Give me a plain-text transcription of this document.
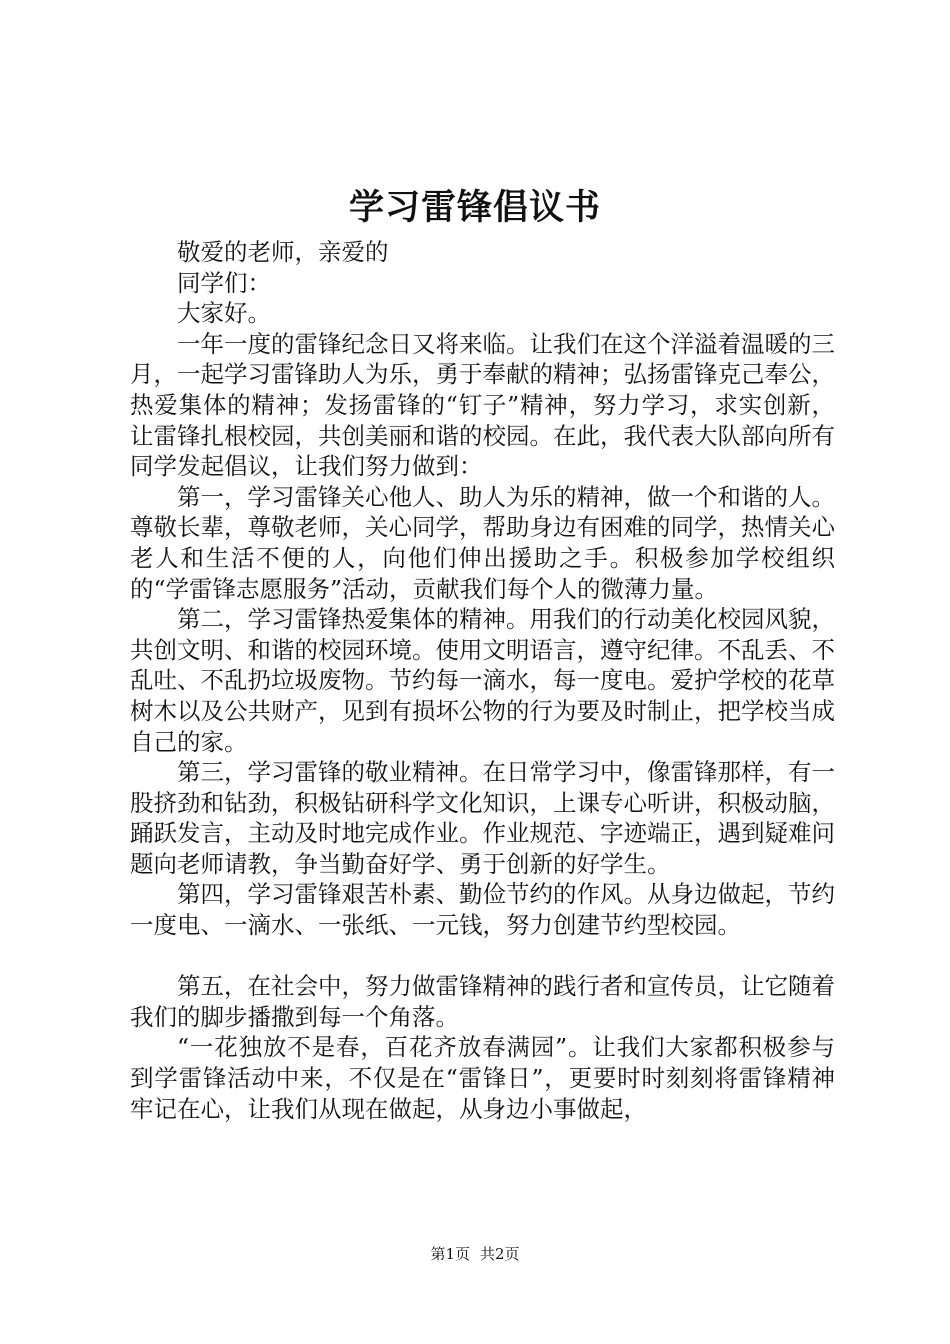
学习雷锋倡议书

敬爱的老师，亲爱的

同学们：

大家好。

一年一度的雷锋纪念日又将来临。让我们在这个洋溢着温暖的三月，一起学习雷锋助人为乐，勇于奉献的精神；弘扬雷锋克己奉公，热爱集体的精神；发扬雷锋的“钉子”精神，努力学习，求实创新，让雷锋扎根校园，共创美丽和谐的校园。在此，我代表大队部向所有同学发起倡议，让我们努力做到：

第一，学习雷锋关心他人、助人为乐的精神，做一个和谐的人。尊敬长辈，尊敬老师，关心同学，帮助身边有困难的同学，热情关心老人和生活不便的人，向他们伸出援助之手。积极参加学校组织的“学雷锋志愿服务”活动，贡献我们每个人的微薄力量。

第二，学习雷锋热爱集体的精神。用我们的行动美化校园风貌，共创文明、和谐的校园环境。使用文明语言，遵守纪律。不乱丢、不乱吐、不乱扔垃圾废物。节约每一滴水，每一度电。爱护学校的花草树木以及公共财产，见到有损坏公物的行为要及时制止，把学校当成自己的家。

第三，学习雷锋的敬业精神。在日常学习中，像雷锋那样，有一股挤劲和钻劲，积极钻研科学文化知识，上课专心听讲，积极动脑，踊跃发言，主动及时地完成作业。作业规范、字迹端正，遇到疑难问题向老师请教，争当勤奋好学、勇于创新的好学生。

第四，学习雷锋艰苦朴素、勤俭节约的作风。从身边做起，节约一度电、一滴水、一张纸、一元钱，努力创建节约型校园。

第五，在社会中，努力做雷锋精神的践行者和宣传员，让它随着我们的脚步播撒到每一个角落。

“一花独放不是春，百花齐放春满园”。让我们大家都积极参与到学雷锋活动中来，不仅是在“雷锋日”，更要时时刻刻将雷锋精神牢记在心，让我们从现在做起，从身边小事做起，

第1页 共2页
